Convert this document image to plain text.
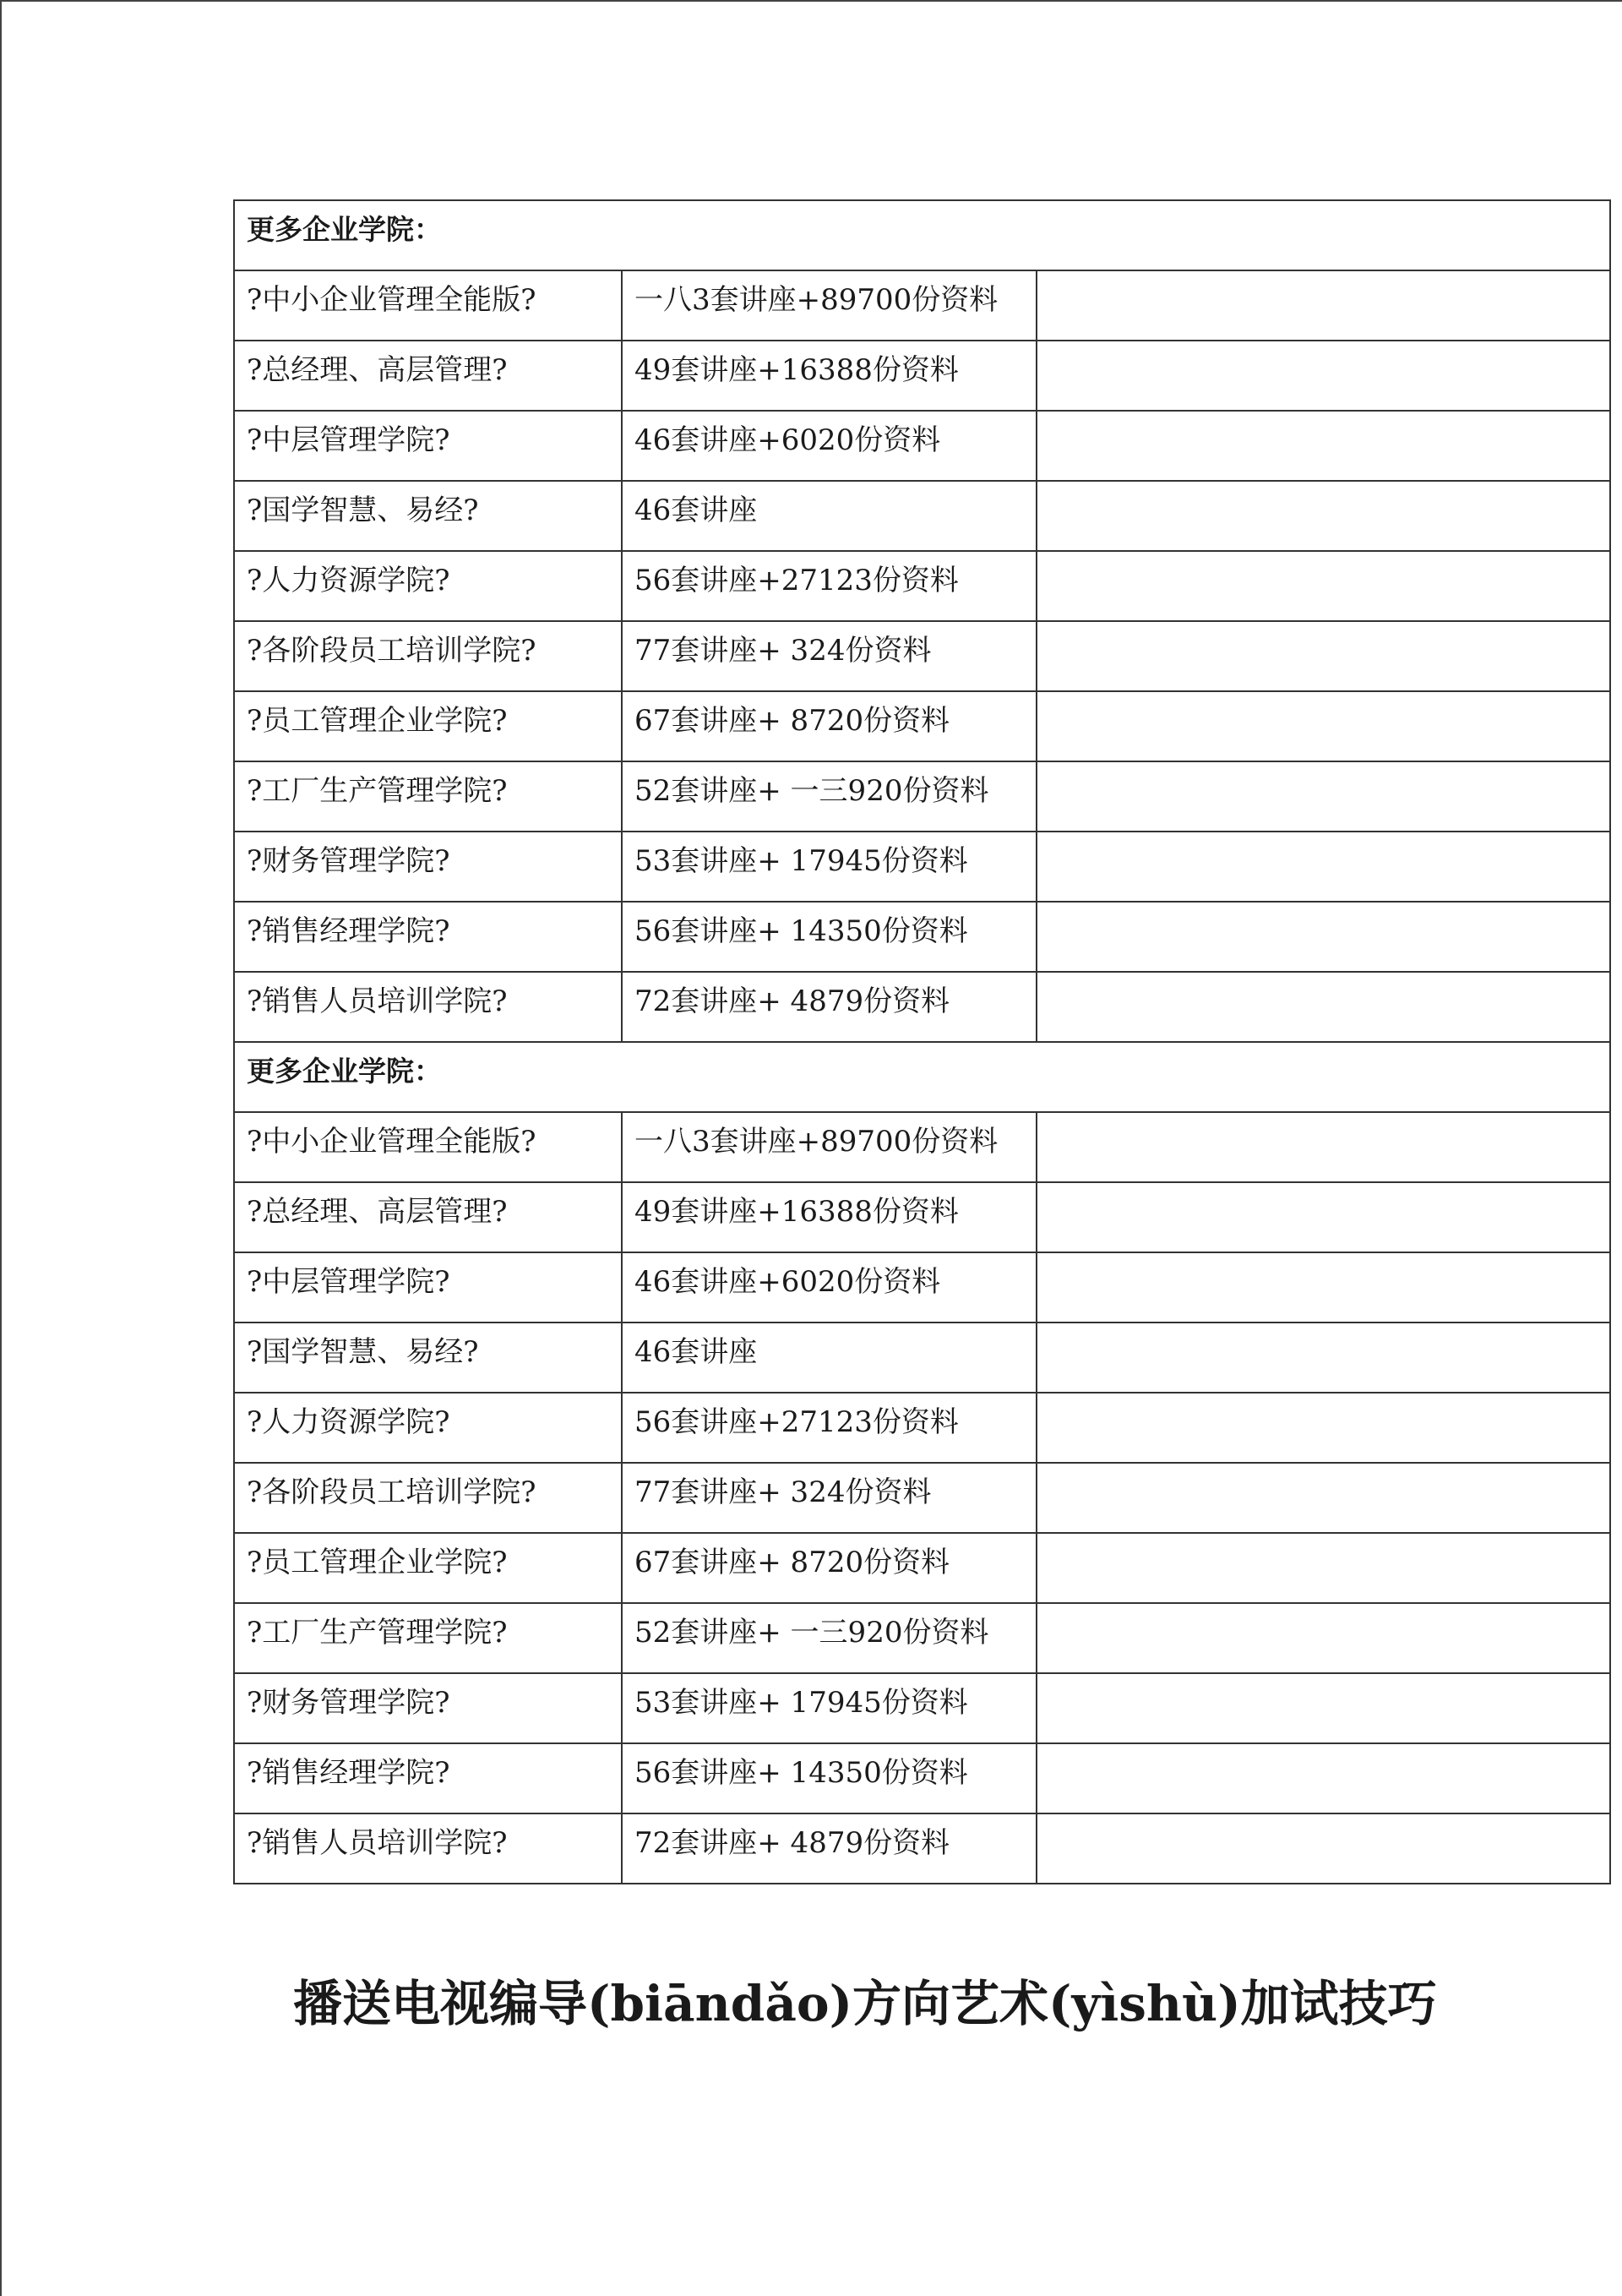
更多企业学院：		
?中小企业管理全能版?	一八3套讲座+89700份资料	
?总经理、高层管理?	49套讲座+16388份资料	
?中层管理学院?	46套讲座+6020份资料	
?国学智慧、易经?	46套讲座	
?人力资源学院?	56套讲座+27123份资料	
?各阶段员工培训学院?	77套讲座+ 324份资料	
?员工管理企业学院?	67套讲座+ 8720份资料	
?工厂生产管理学院?	52套讲座+ 一三920份资料	
?财务管理学院?	53套讲座+ 17945份资料	
?销售经理学院?	56套讲座+ 14350份资料	
?销售人员培训学院?	72套讲座+ 4879份资料	
更多企业学院：		
?中小企业管理全能版?	一八3套讲座+89700份资料	
?总经理、高层管理?	49套讲座+16388份资料	
?中层管理学院?	46套讲座+6020份资料	
?国学智慧、易经?	46套讲座	
?人力资源学院?	56套讲座+27123份资料	
?各阶段员工培训学院?	77套讲座+ 324份资料	
?员工管理企业学院?	67套讲座+ 8720份资料	
?工厂生产管理学院?	52套讲座+ 一三920份资料	
?财务管理学院?	53套讲座+ 17945份资料	
?销售经理学院?	56套讲座+ 14350份资料	
?销售人员培训学院?	72套讲座+ 4879份资料	
播送电视编导(biāndǎo)方向艺术(yìshù)加试技巧
